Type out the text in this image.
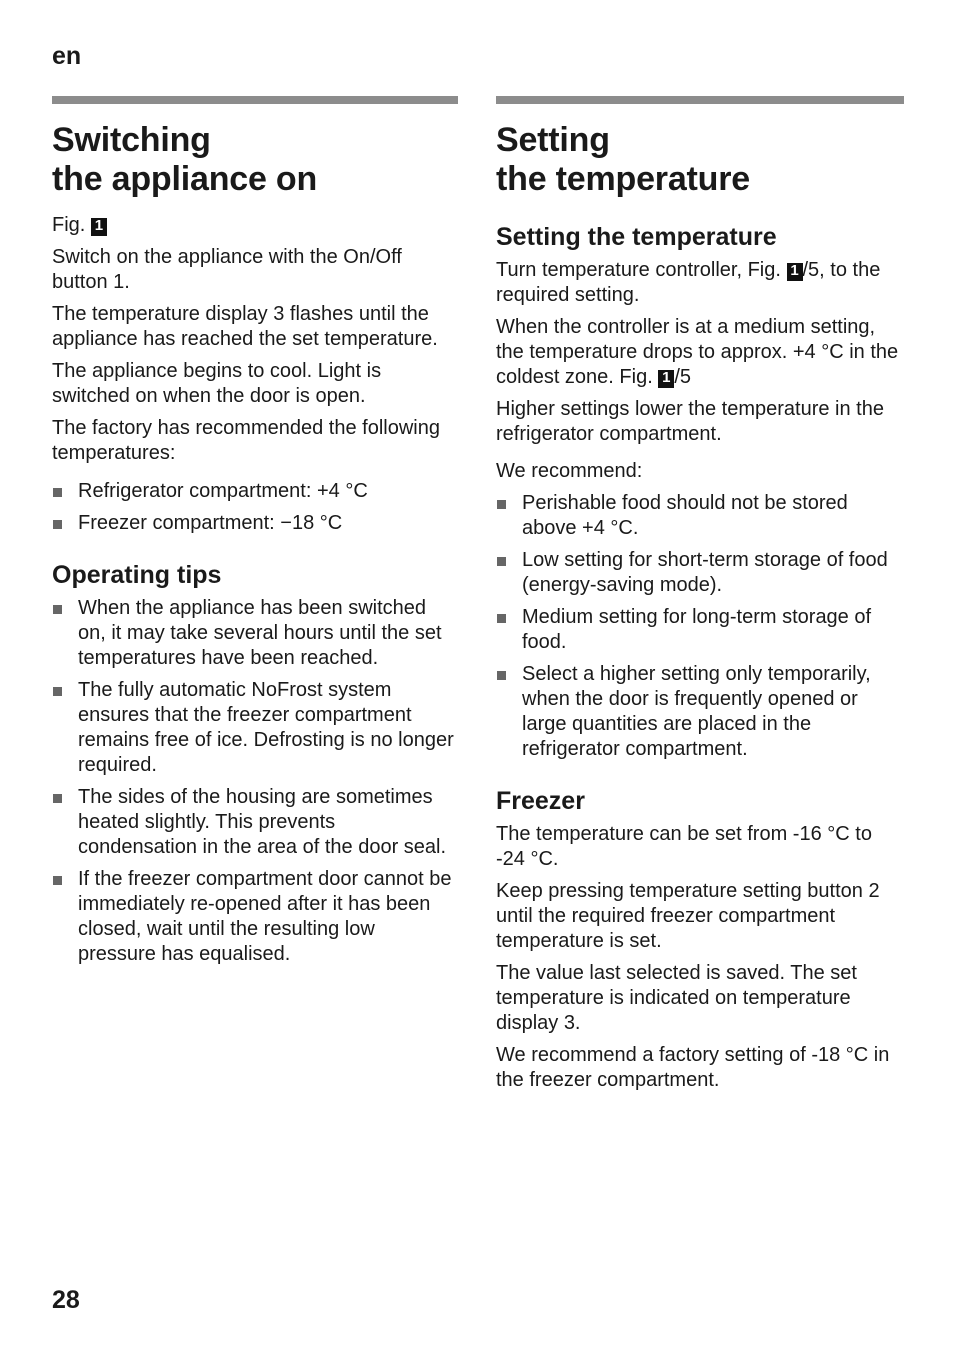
en
Switching
the appliance on
Fig. 1

Switch on the appliance with the On/Off button 1.

The temperature display 3 flashes until the appliance has reached the set temperature.

The appliance begins to cool. Light is switched on when the door is open.

The factory has recommended the following temperatures:

Refrigerator compartment: +4 °C
Freezer compartment: −18 °C
Operating tips
When the appliance has been switched on, it may take several hours until the set temperatures have been reached.
The fully automatic NoFrost system ensures that the freezer compartment remains free of ice. Defrosting is no longer required.
The sides of the housing are sometimes heated slightly. This prevents condensation in the area of the door seal.
If the freezer compartment door cannot be immediately re-opened after it has been closed, wait until the resulting low pressure has equalised.
Setting
the temperature
Setting the temperature

Turn temperature controller, Fig. 1 /5, to the required setting.

When the controller is at a medium setting, the temperature drops to approx. +4 °C in the coldest zone. Fig. 1 /5

Higher settings lower the temperature in the refrigerator compartment.

We recommend:

Perishable food should not be stored above +4 °C.
Low setting for short-term storage of food (energy-saving mode).
Medium setting for long-term storage of food.
Select a higher setting only temporarily, when the door is frequently opened or large quantities are placed in the refrigerator compartment.
Freezer

The temperature can be set from -16 °C to -24 °C.

Keep pressing temperature setting button 2 until the required freezer compartment temperature is set.

The value last selected is saved. The set temperature is indicated on temperature display 3.

We recommend a factory setting of -18 °C in the freezer compartment.

28
